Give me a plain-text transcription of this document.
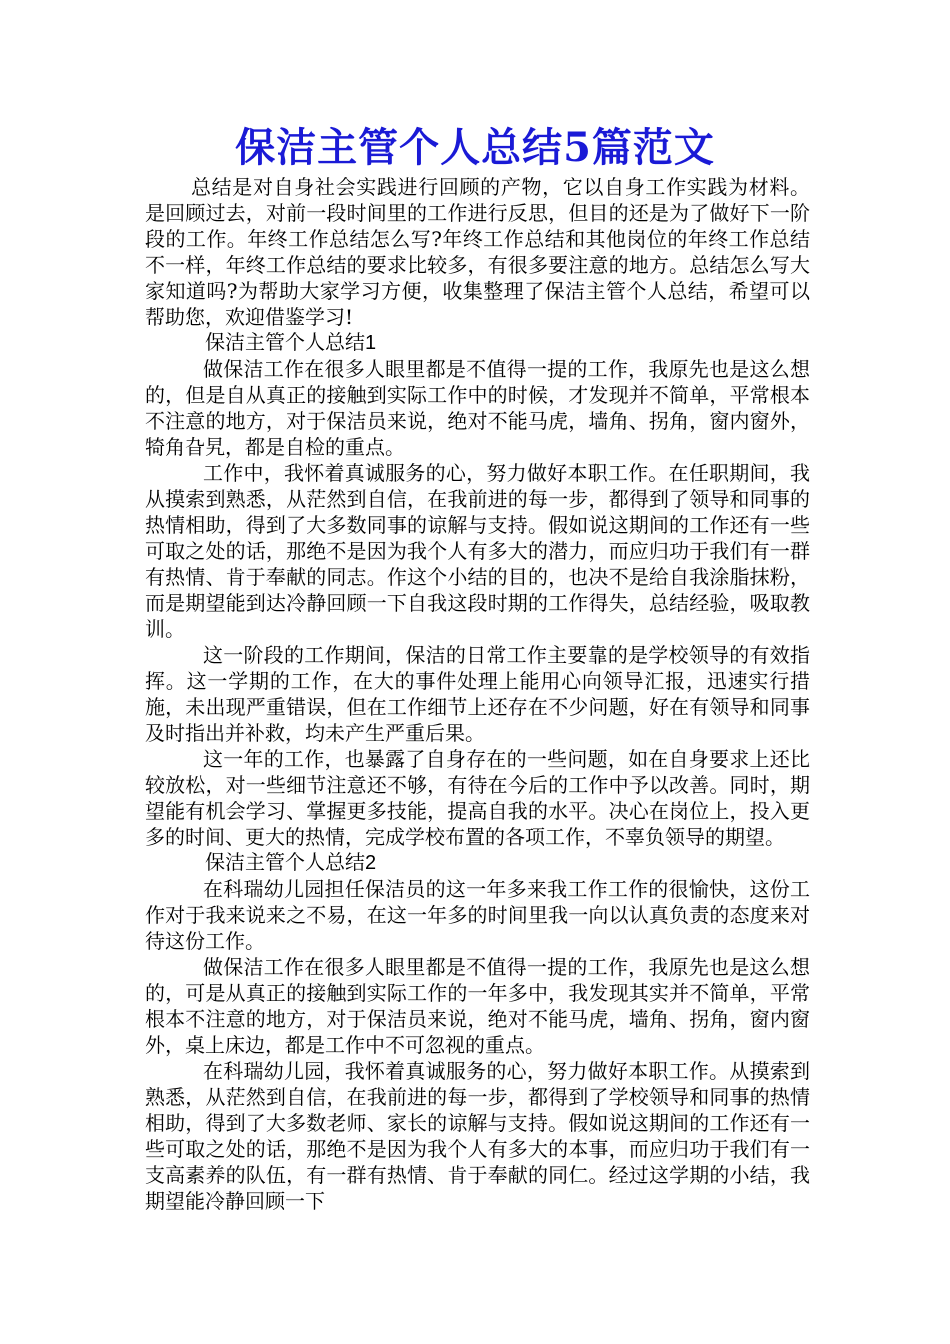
保洁主管个人总结5篇范文

总结是对自身社会实践进行回顾的产物，它以自身工作实践为材料。是回顾过去，对前一段时间里的工作进行反思，但目的还是为了做好下一阶段的工作。年终工作总结怎么写?年终工作总结和其他岗位的年终工作总结不一样，年终工作总结的要求比较多，有很多要注意的地方。总结怎么写大家知道吗?为帮助大家学习方便，收集整理了保洁主管个人总结，希望可以帮助您，欢迎借鉴学习!

保洁主管个人总结1

做保洁工作在很多人眼里都是不值得一提的工作，我原先也是这么想的，但是自从真正的接触到实际工作中的时候，才发现并不简单，平常根本不注意的地方，对于保洁员来说，绝对不能马虎，墙角、拐角，窗内窗外，犄角旮旯，都是自检的重点。

工作中，我怀着真诚服务的心，努力做好本职工作。在任职期间，我从摸索到熟悉，从茫然到自信，在我前进的每一步，都得到了领导和同事的热情相助，得到了大多数同事的谅解与支持。假如说这期间的工作还有一些可取之处的话，那绝不是因为我个人有多大的潜力，而应归功于我们有一群有热情、肯于奉献的同志。作这个小结的目的，也决不是给自我涂脂抹粉，而是期望能到达冷静回顾一下自我这段时期的工作得失，总结经验，吸取教训。

这一阶段的工作期间，保洁的日常工作主要靠的是学校领导的有效指挥。这一学期的工作，在大的事件处理上能用心向领导汇报，迅速实行措施，未出现严重错误，但在工作细节上还存在不少问题，好在有领导和同事及时指出并补救，均未产生严重后果。

这一年的工作，也暴露了自身存在的一些问题，如在自身要求上还比较放松，对一些细节注意还不够，有待在今后的工作中予以改善。同时，期望能有机会学习、掌握更多技能，提高自我的水平。决心在岗位上，投入更多的时间、更大的热情，完成学校布置的各项工作，不辜负领导的期望。

保洁主管个人总结2

在科瑞幼儿园担任保洁员的这一年多来我工作工作的很愉快，这份工作对于我来说来之不易，在这一年多的时间里我一向以认真负责的态度来对待这份工作。

做保洁工作在很多人眼里都是不值得一提的工作，我原先也是这么想的，可是从真正的接触到实际工作的一年多中，我发现其实并不简单，平常根本不注意的地方，对于保洁员来说，绝对不能马虎，墙角、拐角，窗内窗外，桌上床边，都是工作中不可忽视的重点。

在科瑞幼儿园，我怀着真诚服务的心，努力做好本职工作。从摸索到熟悉，从茫然到自信，在我前进的每一步，都得到了学校领导和同事的热情相助，得到了大多数老师、家长的谅解与支持。假如说这期间的工作还有一些可取之处的话，那绝不是因为我个人有多大的本事，而应归功于我们有一支高素养的队伍，有一群有热情、肯于奉献的同仁。经过这学期的小结，我期望能冷静回顾一下
